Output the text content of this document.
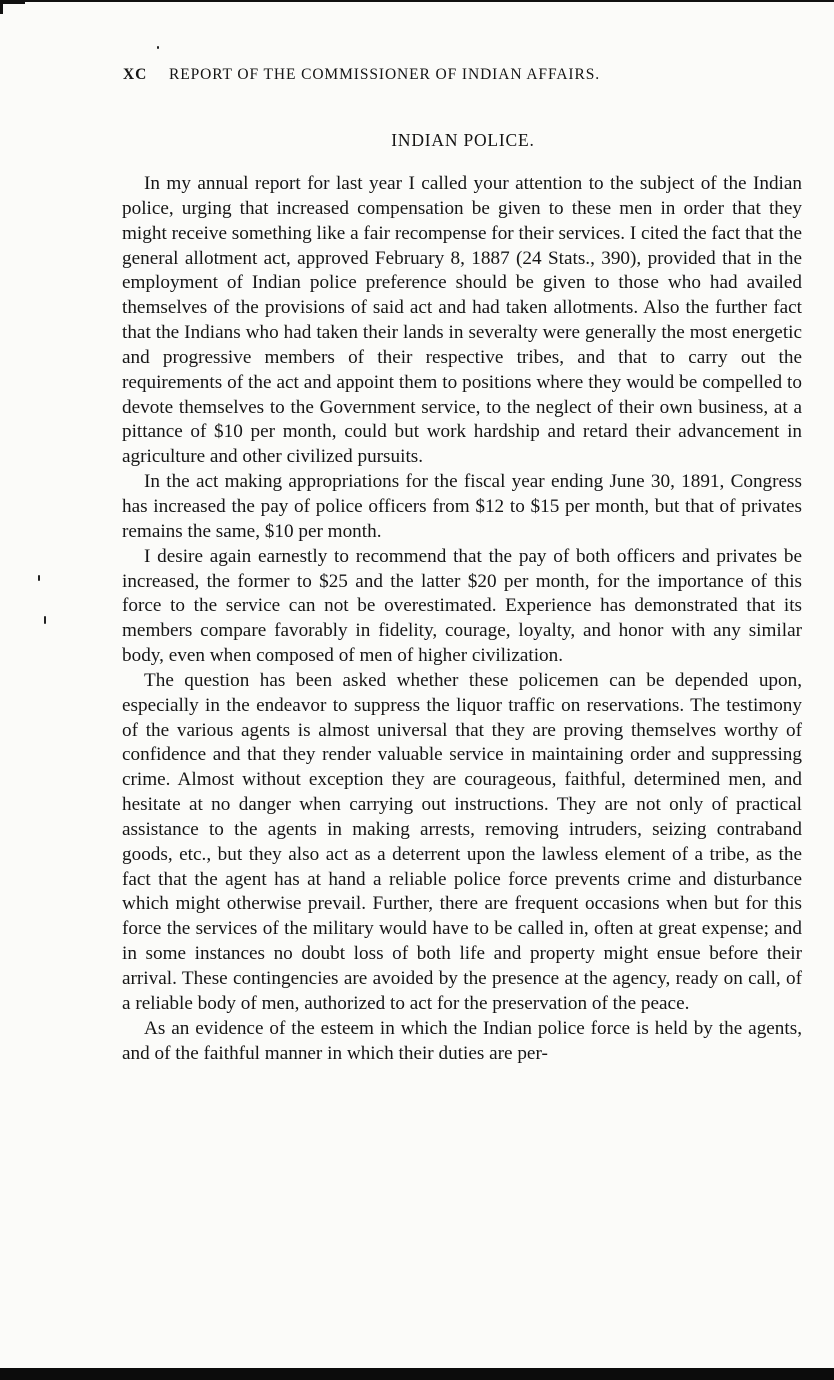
XC REPORT OF THE COMMISSIONER OF INDIAN AFFAIRS.
INDIAN POLICE.

In my annual report for last year I called your attention to the subject of the Indian police, urging that increased compensation be given to these men in order that they might receive something like a fair recompense for their services. I cited the fact that the general allotment act, approved February 8, 1887 (24 Stats., 390), provided that in the employment of Indian police preference should be given to those who had availed themselves of the provisions of said act and had taken allotments. Also the further fact that the Indians who had taken their lands in severalty were generally the most energetic and progressive members of their respective tribes, and that to carry out the requirements of the act and appoint them to positions where they would be compelled to devote themselves to the Government service, to the neglect of their own business, at a pittance of $10 per month, could but work hardship and retard their advancement in agriculture and other civilized pursuits.

In the act making appropriations for the fiscal year ending June 30, 1891, Congress has increased the pay of police officers from $12 to $15 per month, but that of privates remains the same, $10 per month.

I desire again earnestly to recommend that the pay of both officers and privates be increased, the former to $25 and the latter $20 per month, for the importance of this force to the service can not be overestimated. Experience has demonstrated that its members compare favorably in fidelity, courage, loyalty, and honor with any similar body, even when composed of men of higher civilization.

The question has been asked whether these policemen can be depended upon, especially in the endeavor to suppress the liquor traffic on reservations. The testimony of the various agents is almost universal that they are proving themselves worthy of confidence and that they render valuable service in maintaining order and suppressing crime. Almost without exception they are courageous, faithful, determined men, and hesitate at no danger when carrying out instructions. They are not only of practical assistance to the agents in making arrests, removing intruders, seizing contraband goods, etc., but they also act as a deterrent upon the lawless element of a tribe, as the fact that the agent has at hand a reliable police force prevents crime and disturbance which might otherwise prevail. Further, there are frequent occasions when but for this force the services of the military would have to be called in, often at great expense; and in some instances no doubt loss of both life and property might ensue before their arrival. These contingencies are avoided by the presence at the agency, ready on call, of a reliable body of men, authorized to act for the preservation of the peace.

As an evidence of the esteem in which the Indian police force is held by the agents, and of the faithful manner in which their duties are per-
